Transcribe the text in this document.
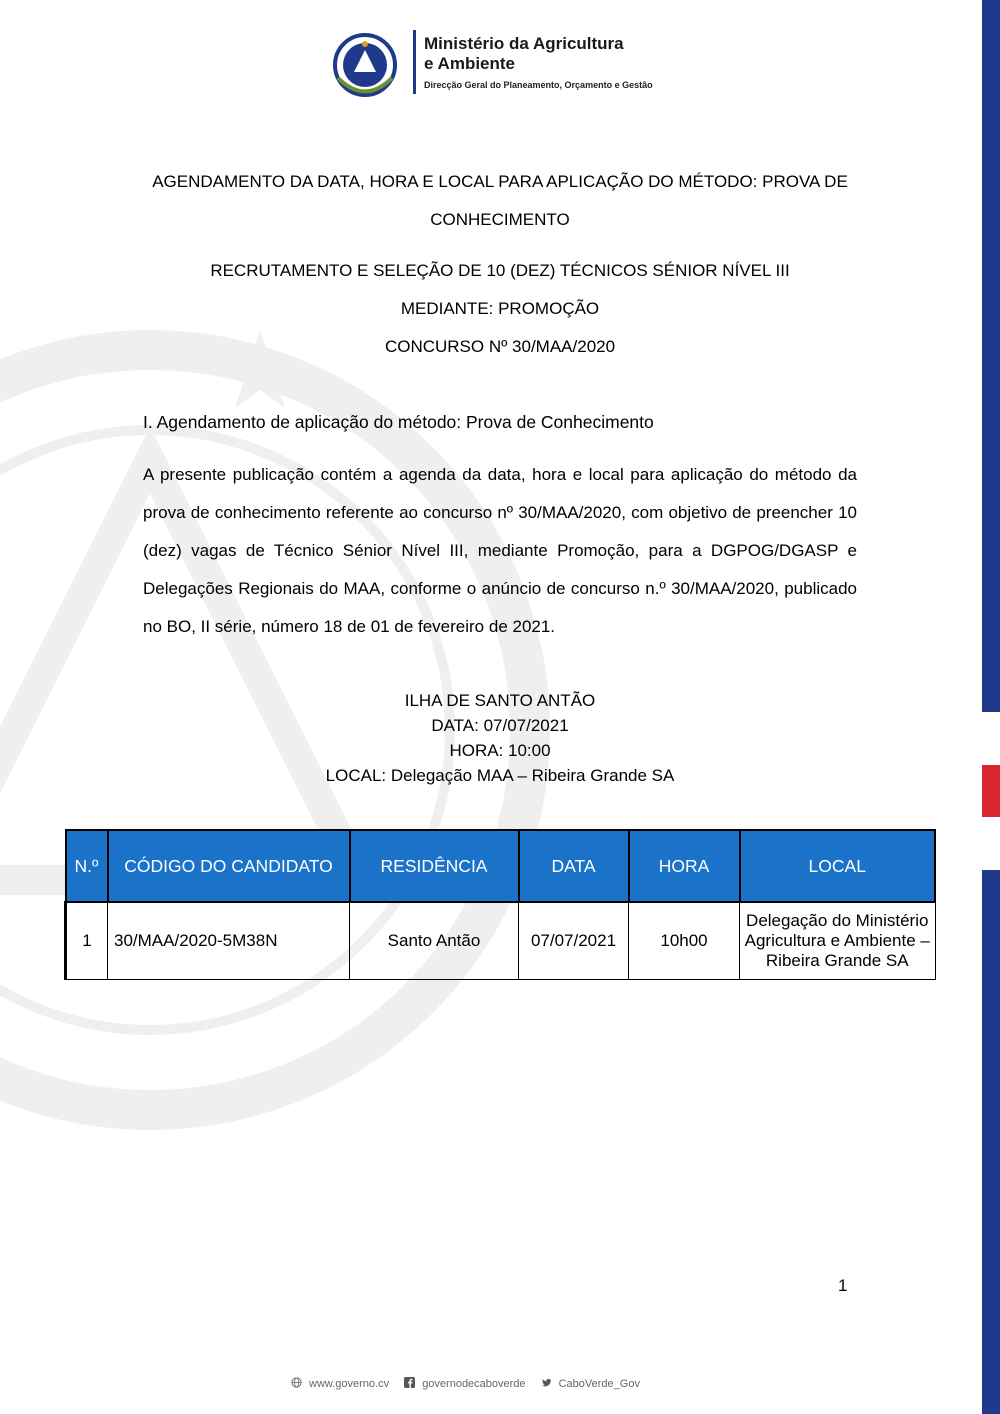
Ministério da Agricultura
e Ambiente
Direcção Geral do Planeamento, Orçamento e Gestão
AGENDAMENTO DA DATA, HORA E LOCAL PARA APLICAÇÃO DO MÉTODO: PROVA DE
CONHECIMENTO
RECRUTAMENTO E SELEÇÃO DE 10 (DEZ) TÉCNICOS SÉNIOR NÍVEL III
MEDIANTE: PROMOÇÃO
CONCURSO Nº 30/MAA/2020
I. Agendamento de aplicação do método: Prova de Conhecimento
A presente publicação contém a agenda da data, hora e local para aplicação do método da prova de conhecimento referente ao concurso nº 30/MAA/2020, com objetivo de preencher 10 (dez) vagas de Técnico Sénior Nível III, mediante Promoção, para a DGPOG/DGASP e Delegações Regionais do MAA, conforme o anúncio de concurso n.º 30/MAA/2020, publicado no BO, II série, número 18 de 01 de fevereiro de 2021.
ILHA DE SANTO ANTÃO
DATA: 07/07/2021
HORA: 10:00
LOCAL: Delegação MAA – Ribeira Grande SA
N.º	CÓDIGO DO CANDIDATO	RESIDÊNCIA	DATA	HORA	LOCAL
1	30/MAA/2020-5M38N	Santo Antão	07/07/2021	10h00	Delegação do Ministério Agricultura e Ambiente – Ribeira Grande SA
1
www.governo.cv	governodecaboverde	CaboVerde_Gov
